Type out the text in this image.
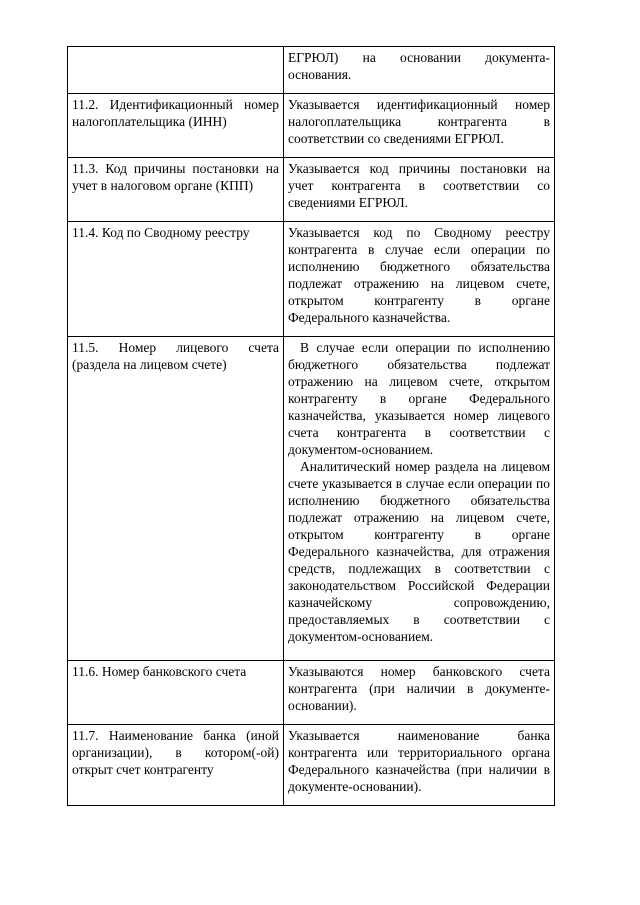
	ЕГРЮЛ) на основании документа-основания.
11.2. Идентификационный номер налогоплательщика (ИНН)	Указывается идентификационный номер налогоплательщика контрагента в соответствии со сведениями ЕГРЮЛ.
11.3. Код причины постановки на учет в налоговом органе (КПП)	Указывается код причины постановки на учет контрагента в соответствии со сведениями ЕГРЮЛ.
11.4. Код по Сводному реестру	Указывается код по Сводному реестру контрагента в случае если операции по исполнению бюджетного обязательства подлежат отражению на лицевом счете, открытом контрагенту в органе Федерального казначейства.
11.5. Номер лицевого счета (раздела на лицевом счете)	В случае если операции по исполнению бюджетного обязательства подлежат отражению на лицевом счете, открытом контрагенту в органе Федерального казначейства, указывается номер лицевого счета контрагента в соответствии с документом-основанием.
Аналитический номер раздела на лицевом счете указывается в случае если операции по исполнению бюджетного обязательства подлежат отражению на лицевом счете, открытом контрагенту в органе Федерального казначейства, для отражения средств, подлежащих в соответствии с законодательством Российской Федерации казначейскому сопровождению, предоставляемых в соответствии с документом-основанием.

11.6. Номер банковского счета	Указываются номер банковского счета контрагента (при наличии в документе-основании).
11.7. Наименование банка (иной организации), в котором(-ой) открыт счет контрагенту	Указывается наименование банка контрагента или территориального органа Федерального казначейства (при наличии в документе-основании).
